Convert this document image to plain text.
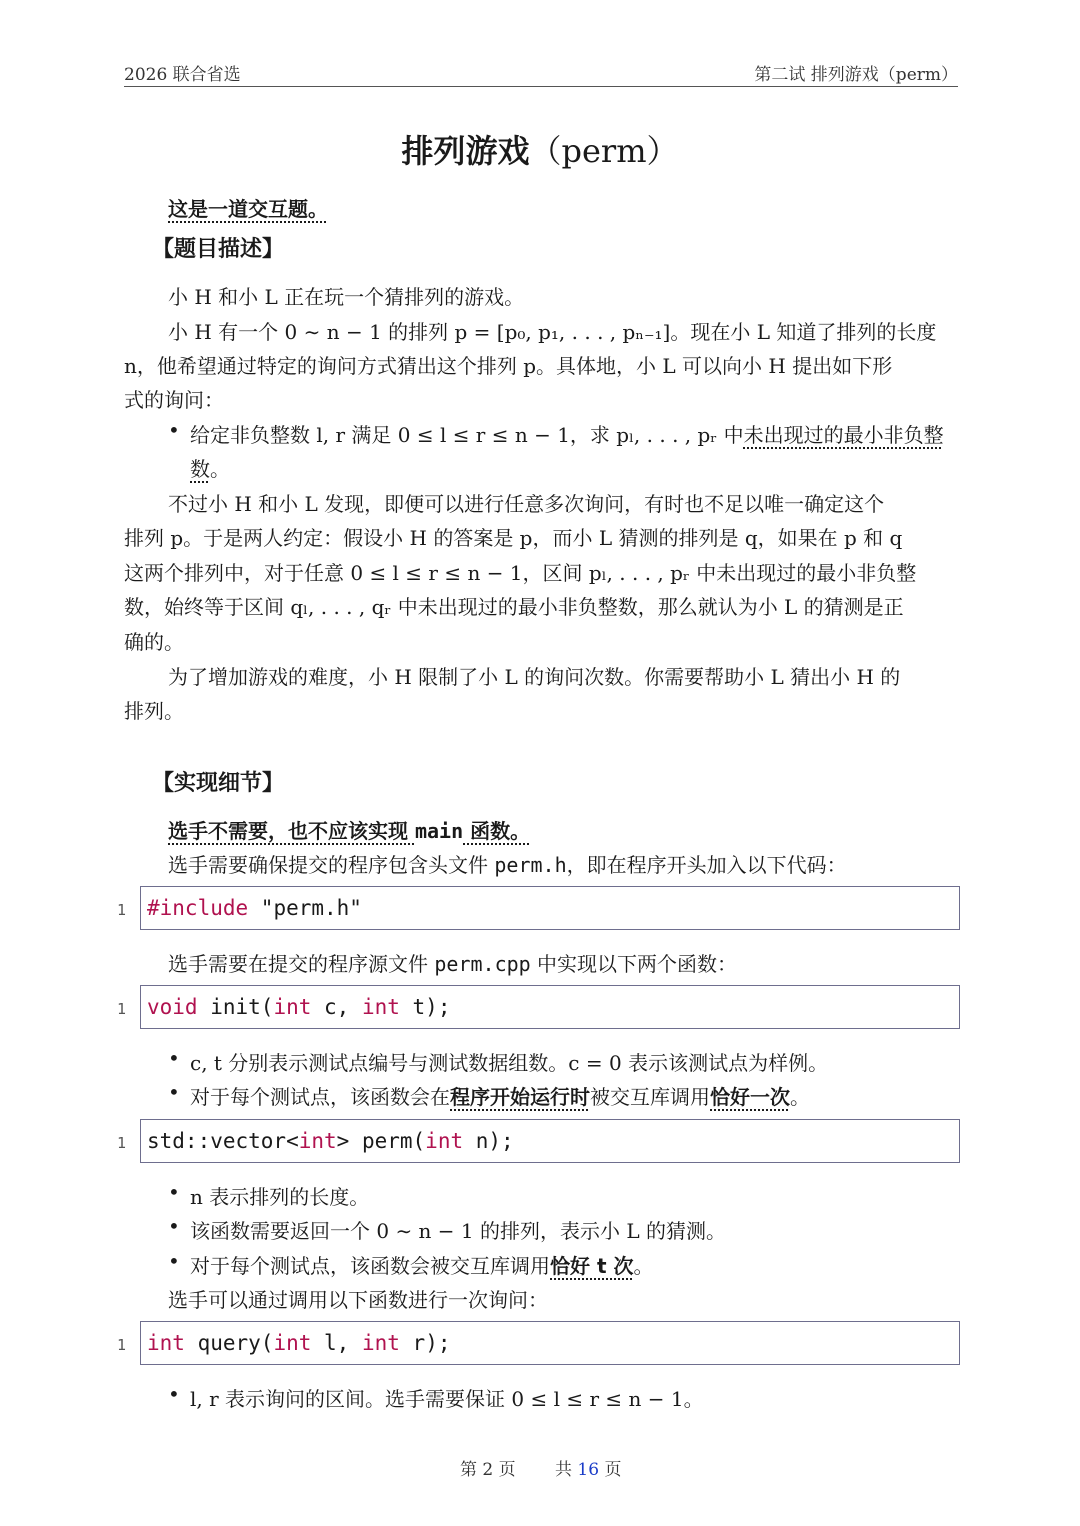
2026 联合省选	第二试 排列游戏（perm）
排列游戏（perm）
这是一道交互题。
【题目描述】
小 H 和小 L 正在玩一个猜排列的游戏。
小 H 有一个 0 ∼ n − 1 的排列 p = [p₀, p₁, . . . , pₙ₋₁]。现在小 L 知道了排列的长度
n，他希望通过特定的询问方式猜出这个排列 p。具体地，小 L 可以向小 H 提出如下形
式的询问：
• 给定非负整数 l, r 满足 0 ≤ l ≤ r ≤ n − 1，求 pₗ, . . . , pᵣ 中未出现过的最小非负整
数。
不过小 H 和小 L 发现，即便可以进行任意多次询问，有时也不足以唯一确定这个
排列 p。于是两人约定：假设小 H 的答案是 p，而小 L 猜测的排列是 q，如果在 p 和 q
这两个排列中，对于任意 0 ≤ l ≤ r ≤ n − 1，区间 pₗ, . . . , pᵣ 中未出现过的最小非负整
数，始终等于区间 qₗ, . . . , qᵣ 中未出现过的最小非负整数，那么就认为小 L 的猜测是正
确的。
为了增加游戏的难度，小 H 限制了小 L 的询问次数。你需要帮助小 L 猜出小 H 的
排列。
【实现细节】
选手不需要，也不应该实现 main 函数。
选手需要确保提交的程序包含头文件 perm.h，即在程序开头加入以下代码：
1 #include "perm.h"
选手需要在提交的程序源文件 perm.cpp 中实现以下两个函数：
1 void init(int c, int t);
• c, t 分别表示测试点编号与测试数据组数。c = 0 表示该测试点为样例。
• 对于每个测试点，该函数会在程序开始运行时被交互库调用恰好一次。
1 std::vector<int> perm(int n);
• n 表示排列的长度。
• 该函数需要返回一个 0 ∼ n − 1 的排列，表示小 L 的猜测。
• 对于每个测试点，该函数会被交互库调用恰好 t 次。
选手可以通过调用以下函数进行一次询问：
1 int query(int l, int r);
• l, r 表示询问的区间。选手需要保证 0 ≤ l ≤ r ≤ n − 1。
第 2 页 共 16 页
